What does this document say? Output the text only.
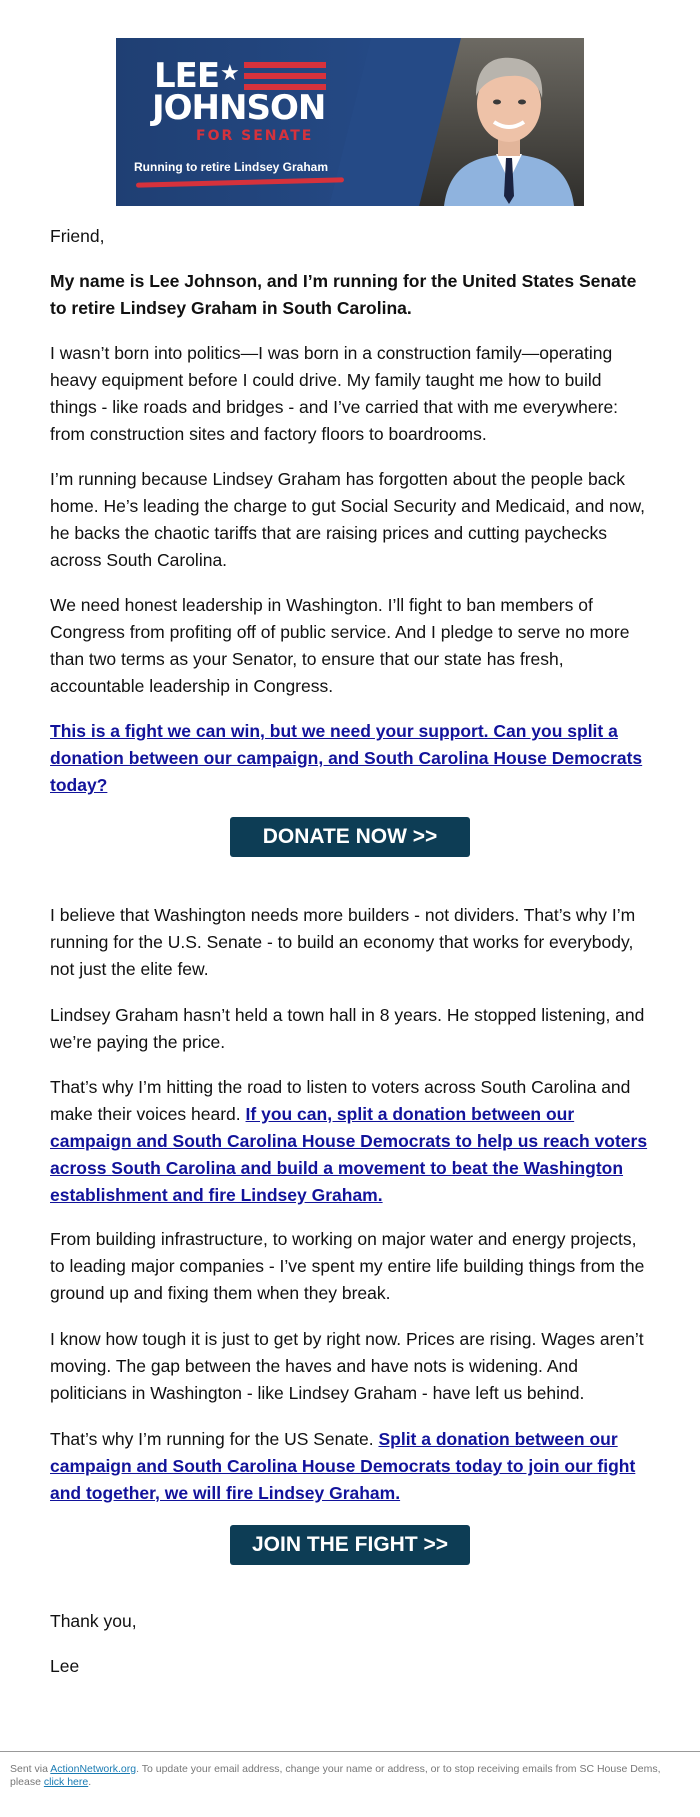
LEE ★
JOHNSON
FOR SENATE
Running to retire Lindsey Graham
Friend,
My name is Lee Johnson, and I’m running for the United States Senate to retire Lindsey Graham in South Carolina.
I wasn’t born into politics—I was born in a construction family—operating heavy equipment before I could drive. My family taught me how to build things - like roads and bridges - and I’ve carried that with me everywhere: from construction sites and factory floors to boardrooms.
I’m running because Lindsey Graham has forgotten about the people back home. He’s leading the charge to gut Social Security and Medicaid, and now, he backs the chaotic tariffs that are raising prices and cutting paychecks across South Carolina.
We need honest leadership in Washington. I’ll fight to ban members of Congress from profiting off of public service. And I pledge to serve no more than two terms as your Senator, to ensure that our state has fresh, accountable leadership in Congress.
This is a fight we can win, but we need your support. Can you split a donation between our campaign, and South Carolina House Democrats today?
DONATE NOW >>
I believe that Washington needs more builders - not dividers. That’s why I’m running for the U.S. Senate - to build an economy that works for everybody, not just the elite few.
Lindsey Graham hasn’t held a town hall in 8 years. He stopped listening, and we’re paying the price.
That’s why I’m hitting the road to listen to voters across South Carolina and make their voices heard. If you can, split a donation between our campaign and South Carolina House Democrats to help us reach voters across South Carolina and build a movement to beat the Washington establishment and fire Lindsey Graham.
From building infrastructure, to working on major water and energy projects, to leading major companies - I’ve spent my entire life building things from the ground up and fixing them when they break.
I know how tough it is just to get by right now. Prices are rising. Wages aren’t moving. The gap between the haves and have nots is widening. And politicians in Washington - like Lindsey Graham - have left us behind.
That’s why I’m running for the US Senate. Split a donation between our campaign and South Carolina House Democrats today to join our fight and together, we will fire Lindsey Graham.
JOIN THE FIGHT >>
Thank you,
Lee
Sent via ActionNetwork.org. To update your email address, change your name or address, or to stop receiving emails from SC House Dems, please click here.
